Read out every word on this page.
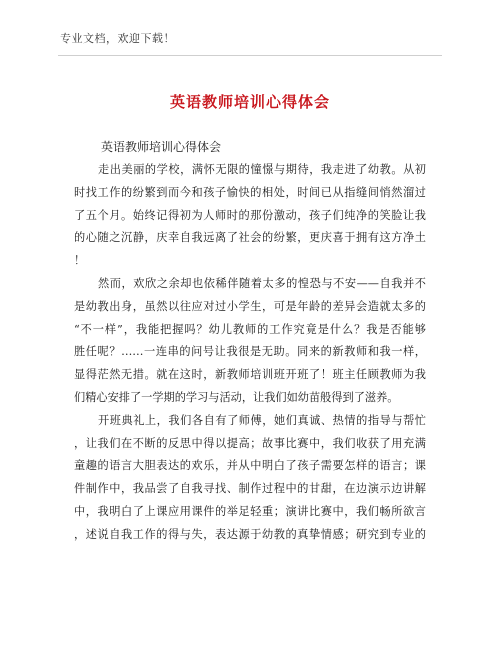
专业文档，欢迎下载！
英语教师培训心得体会
英语教师培训心得体会
走出美丽的学校，满怀无限的憧憬与期待，我走进了幼教。从初
时找工作的纷繁到而今和孩子愉快的相处，时间已从指缝间悄然溜过
了五个月。始终记得初为人师时的那份激动，孩子们纯净的笑脸让我
的心随之沉静，庆幸自我远离了社会的纷繁，更庆喜于拥有这方净土
！
然而，欢欣之余却也依稀伴随着太多的惶恐与不安——自我并不
是幼教出身，虽然以往应对过小学生，可是年龄的差异会造就太多的
“不一样”，我能把握吗？幼儿教师的工作究竟是什么？我是否能够
胜任呢？……一连串的问号让我很是无助。同来的新教师和我一样，
显得茫然无措。就在这时，新教师培训班开班了！班主任顾教师为我
们精心安排了一学期的学习与活动，让我们如幼苗般得到了滋养。
开班典礼上，我们各自有了师傅，她们真诚、热情的指导与帮忙
，让我们在不断的反思中得以提高；故事比赛中，我们收获了用充满
童趣的语言大胆表达的欢乐，并从中明白了孩子需要怎样的语言；课
件制作中，我品尝了自我寻找、制作过程中的甘甜，在边演示边讲解
中，我明白了上课应用课件的举足轻重；演讲比赛中，我们畅所欲言
，述说自我工作的得与失，表达源于幼教的真挚情感；研究到专业的
